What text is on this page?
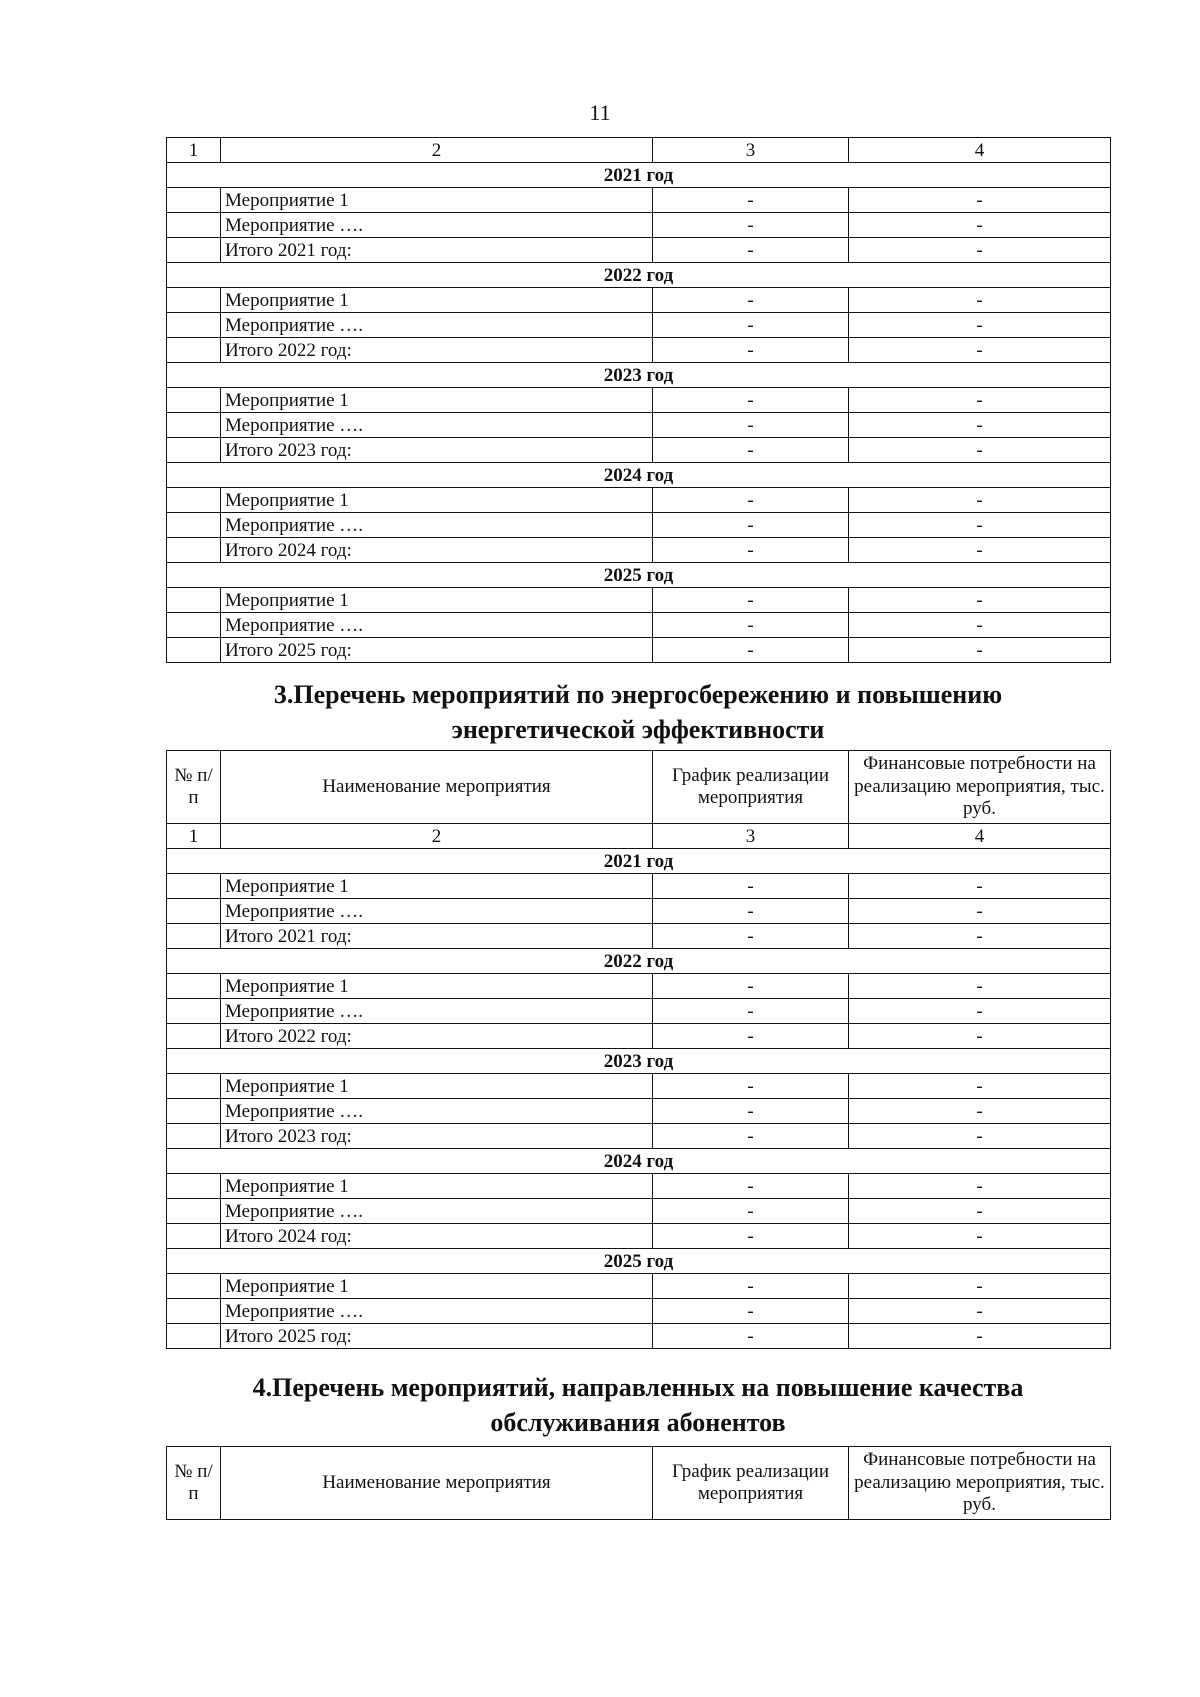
11
1	2	3	4
2021 год			
	Мероприятие 1	-	-
	Мероприятие ….	-	-
	Итого 2021 год:	-	-
2022 год			
	Мероприятие 1	-	-
	Мероприятие ….	-	-
	Итого 2022 год:	-	-
2023 год			
	Мероприятие 1	-	-
	Мероприятие ….	-	-
	Итого 2023 год:	-	-
2024 год			
	Мероприятие 1	-	-
	Мероприятие ….	-	-
	Итого 2024 год:	-	-
2025 год			
	Мероприятие 1	-	-
	Мероприятие ….	-	-
	Итого 2025 год:	-	-
3.Перечень мероприятий по энергосбережению и повышению
энергетической эффективности
№ п/п	Наименование мероприятия	График реализации мероприятия	Финансовые потребности на реализацию мероприятия, тыс. руб.
1	2	3	4
2021 год			
	Мероприятие 1	-	-
	Мероприятие ….	-	-
	Итого 2021 год:	-	-
2022 год			
	Мероприятие 1	-	-
	Мероприятие ….	-	-
	Итого 2022 год:	-	-
2023 год			
	Мероприятие 1	-	-
	Мероприятие ….	-	-
	Итого 2023 год:	-	-
2024 год			
	Мероприятие 1	-	-
	Мероприятие ….	-	-
	Итого 2024 год:	-	-
2025 год			
	Мероприятие 1	-	-
	Мероприятие ….	-	-
	Итого 2025 год:	-	-
4.Перечень мероприятий, направленных на повышение качества
обслуживания абонентов
№ п/п	Наименование мероприятия	График реализации мероприятия	Финансовые потребности на реализацию мероприятия, тыс. руб.
